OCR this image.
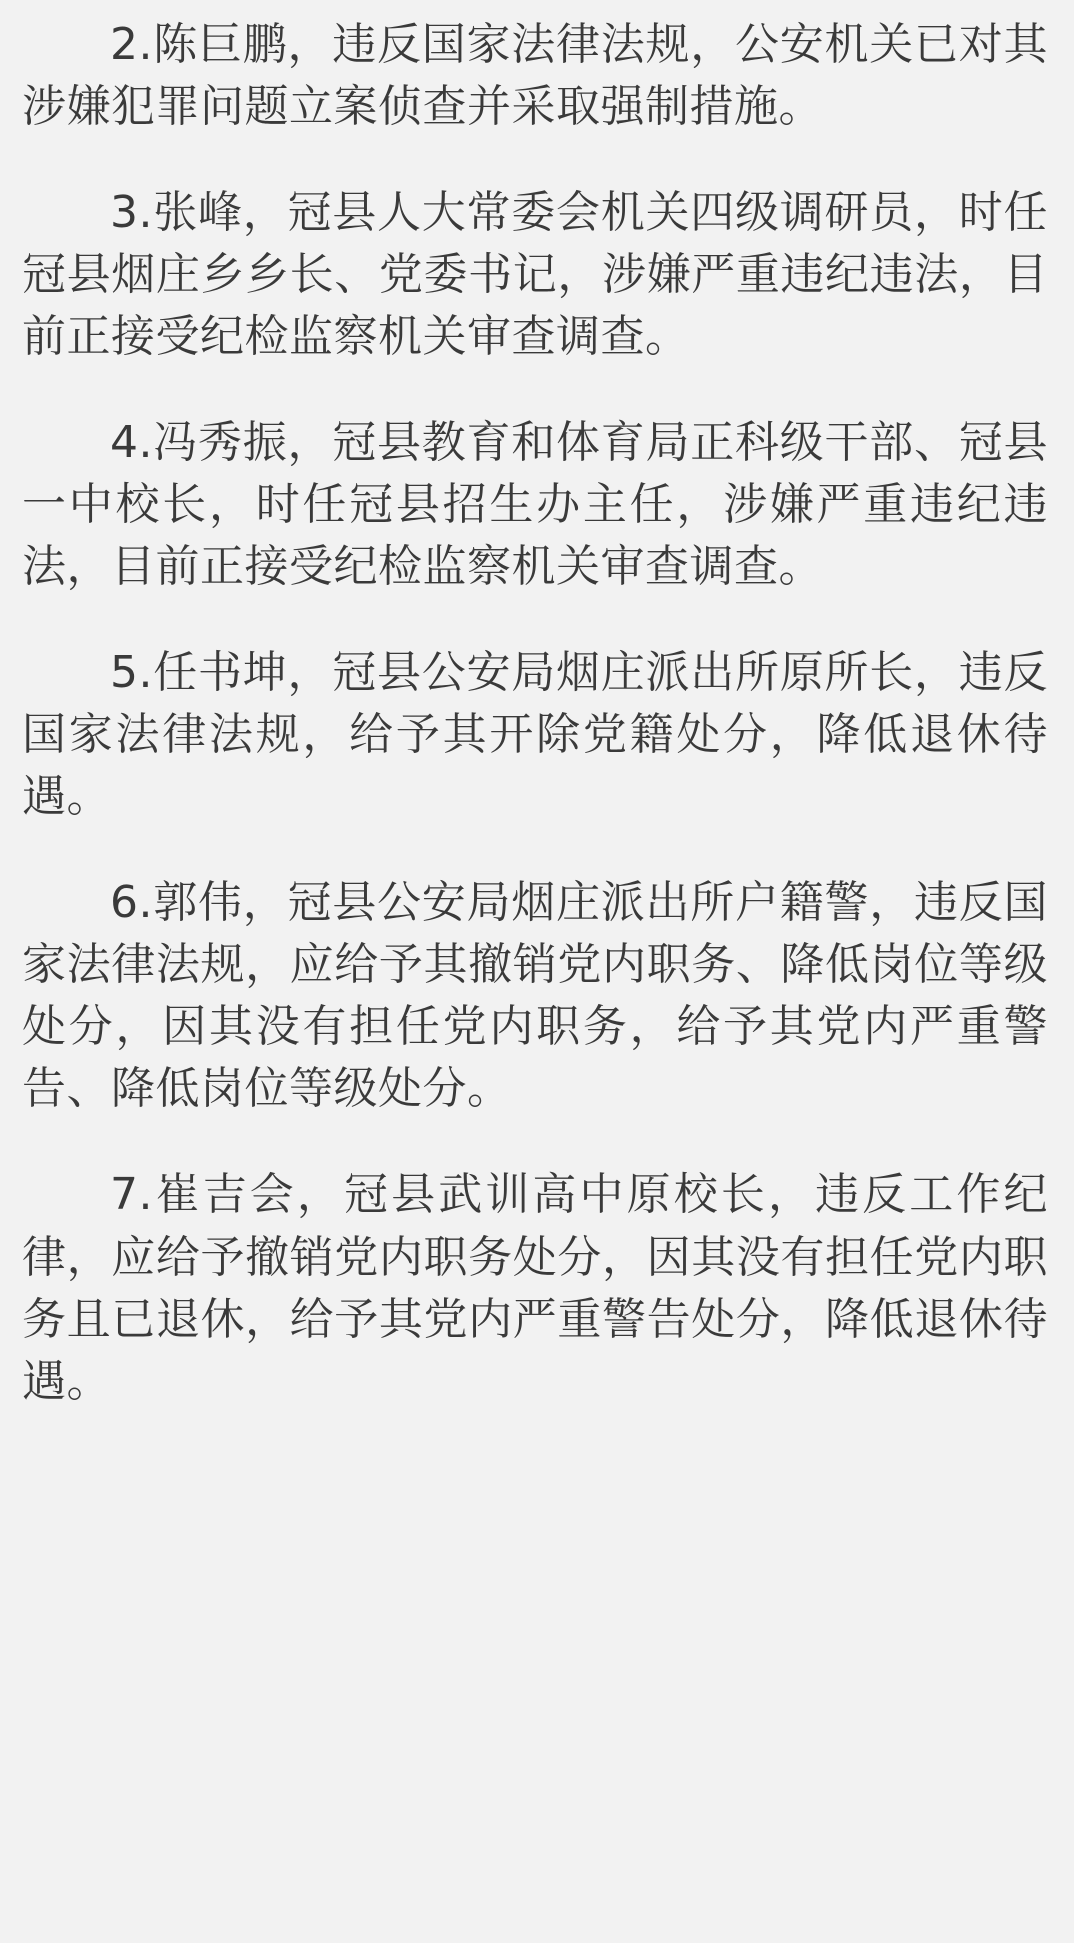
2.陈巨鹏，违反国家法律法规，公安机关已对其涉嫌犯罪问题立案侦查并采取强制措施。

3.张峰，冠县人大常委会机关四级调研员，时任冠县烟庄乡乡长、党委书记，涉嫌严重违纪违法，目前正接受纪检监察机关审查调查。

4.冯秀振，冠县教育和体育局正科级干部、冠县一中校长，时任冠县招生办主任，涉嫌严重违纪违法，目前正接受纪检监察机关审查调查。

5.任书坤，冠县公安局烟庄派出所原所长，违反国家法律法规，给予其开除党籍处分，降低退休待遇。

6.郭伟，冠县公安局烟庄派出所户籍警，违反国家法律法规，应给予其撤销党内职务、降低岗位等级处分，因其没有担任党内职务，给予其党内严重警告、降低岗位等级处分。

7.崔吉会，冠县武训高中原校长，违反工作纪律，应给予撤销党内职务处分，因其没有担任党内职务且已退休，给予其党内严重警告处分，降低退休待遇。
